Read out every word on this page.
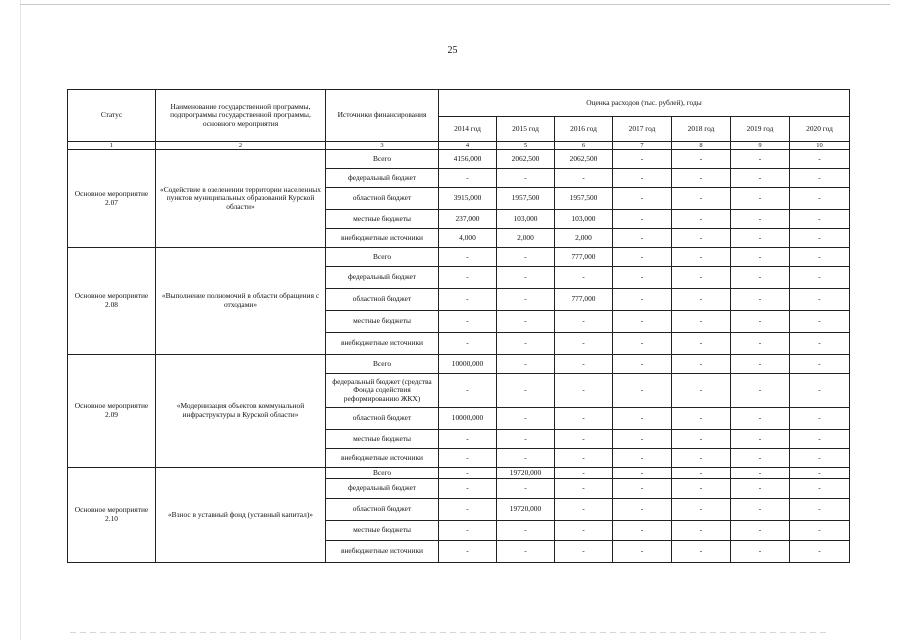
25
Статус	Наименование государственной программы, подпрограммы государственной программы, основного мероприятия	Источники финансирования	Оценка расходов (тыс. рублей), годы						
			2014 год	2015 год	2016 год	2017 год	2018 год	2019 год	2020 год
1	2	3	4	5	6	7	8	9	10
Основное мероприятие 2.07	«Содействие в озеленении территории населенных пунктов муниципальных образований Курской области»	Всего	4156,000	2062,500	2062,500	-	-	-	-
		федеральный бюджет	-	-	-	-	-	-	-
		областной бюджет	3915,000	1957,500	1957,500	-	-	-	-
		местные бюджеты	237,000	103,000	103,000	-	-	-	-
		внебюджетные источники	4,000	2,000	2,000	-	-	-	-
Основное мероприятие 2.08	«Выполнение полномочий в области обращения с отходами»	Всего	-	-	777,000	-	-	-	-
		федеральный бюджет	-	-	-	-	-	-	-
		областной бюджет	-	-	777,000	-	-	-	-
		местные бюджеты	-	-	-	-	-	-	-
		внебюджетные источники	-	-	-	-	-	-	-
Основное мероприятие 2.09	«Модернизация объектов коммунальной инфраструктуры в Курской области»	Всего	10000,000	-	-	-	-	-	-
		федеральный бюджет (средства Фонда содействия реформированию ЖКХ)	-	-	-	-	-	-	-
		областной бюджет	10000,000	-	-	-	-	-	-
		местные бюджеты	-	-	-	-	-	-	-
		внебюджетные источники	-	-	-	-	-	-	-
Основное мероприятие 2.10	«Взнос в уставный фонд (уставный капитал)»	Всего	-	19720,000	-	-	-	-	-
		федеральный бюджет	-	-	-	-	-	-	-
		областной бюджет	-	19720,000	-	-	-	-	-
		местные бюджеты	-	-	-	-	-	-	-
		внебюджетные источники	-	-	-	-	-	-	-
